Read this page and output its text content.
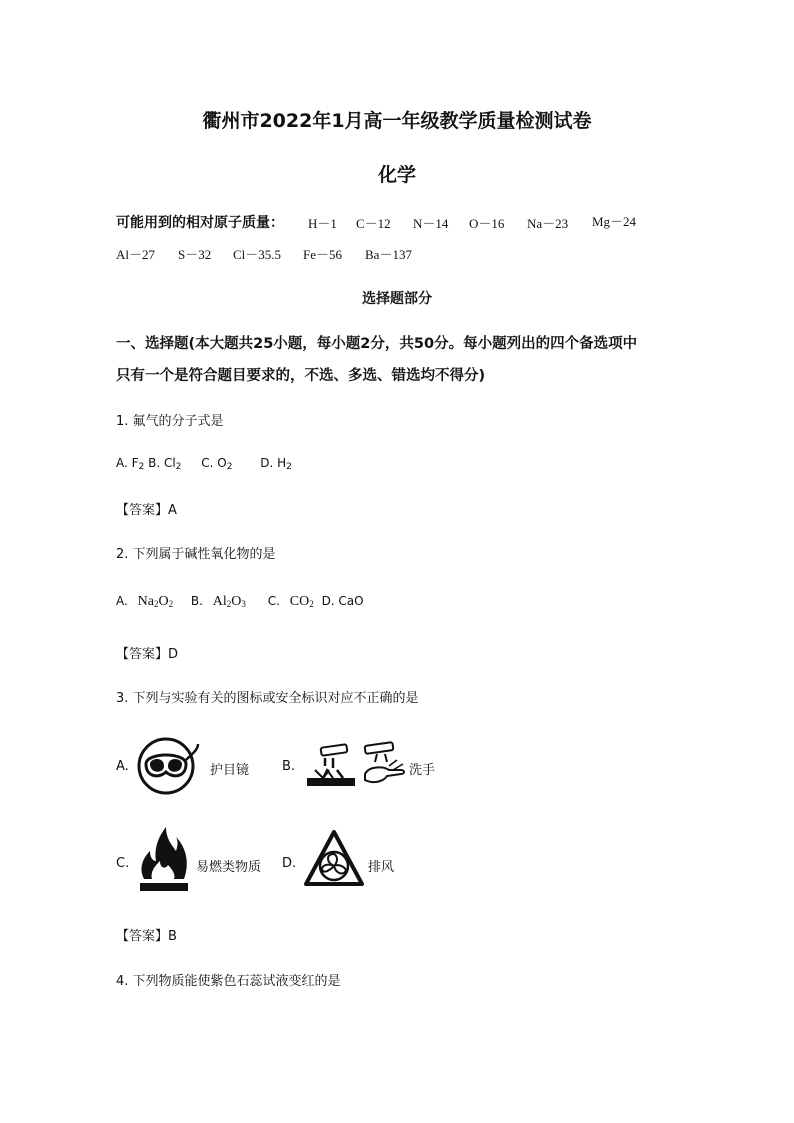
衢州市2022年1月高一年级教学质量检测试卷
化学
可能用到的相对原子质量： H－1 C－12 N－14 O－16 Na－23 Mg－24
Al－27 S－32 Cl－35.5 Fe－56 Ba－137
选择题部分
一、选择题(本大题共25小题，每小题2分，共50分。每小题列出的四个备选项中
只有一个是符合题目要求的，不选、多选、错选均不得分)
1. 氟气的分子式是
A. $F_2$ B. $Cl_2$ C. $O_2$ D. $H_2$
【答案】A
2. 下列属于碱性氧化物的是
A. $Na_2O_2$ B. $Al_2O_3$ C. $CO_2$ D. CaO
【答案】D
3. 下列与实验有关的图标或安全标识对应不正确的是
A.	护目镜	B.	洗手
C.	易燃类物质 D.	排风
【答案】B
4. 下列物质能使紫色石蕊试液变红的是
